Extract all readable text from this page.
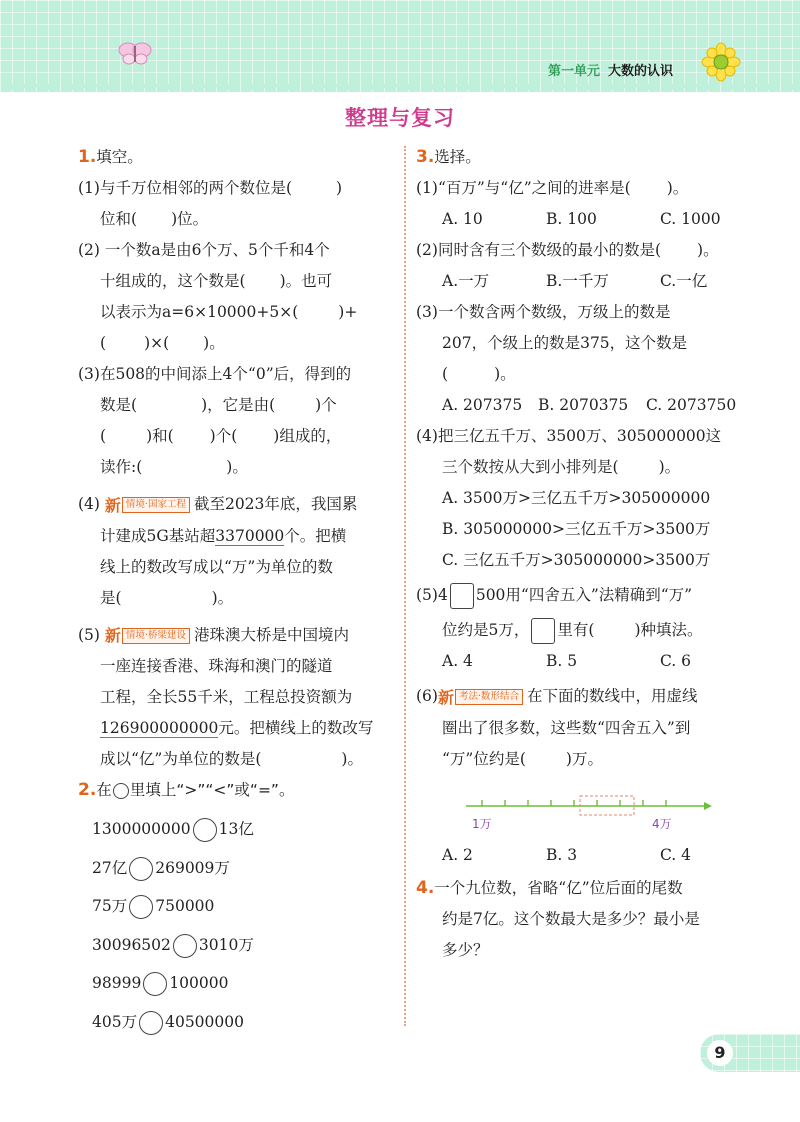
第一单元 大数的认识
整理与复习
1.填空。
(1)与千万位相邻的两个数位是(	)
位和( )位。
(2) 一个数a是由6个万、5个千和4个
十组成的，这个数是( )。也可
以表示为a=6×10000+5×(	)+
( )×( )。
(3)在508的中间添上4个“0”后，得到的
数是(	)，它是由(	)个
(	)和( )个( )组成的，
读作:(	)。
(4) 新 情境·国家工程 截至2023年底，我国累
计建成5G基站超3370000个。把横
线上的数改写成以“万”为单位的数
是(	)。
(5) 新 情境·桥梁建设 港珠澳大桥是中国境内
一座连接香港、珠海和澳门的隧道
工程，全长55千米，工程总投资额为
126900000000元。把横线上的数改写
成以“亿”为单位的数是(	)。
2.在 里填上“>”“<”或“=”。
1300000000 13亿
27亿 269009万
75万 750000
30096502 3010万
98999 100000
405万 40500000
3.选择。
(1)“百万”与“亿”之间的进率是( )。
A. 10	B. 100	C. 1000
(2)同时含有三个数级的最小的数是( )。
A.一万	B.一千万	C.一亿
(3)一个数含两个数级，万级上的数是
207，个级上的数是375，这个数是
(	)。
A. 207375	B. 2070375	C. 2073750
(4)把三亿五千万、3500万、305000000这
三个数按从大到小排列是(	)。
A. 3500万>三亿五千万>305000000
B. 305000000>三亿五千万>3500万
C. 三亿五千万>305000000>3500万
(5)4 500用“四舍五入”法精确到“万”
位约是5万， 里有(	)种填法。
A. 4	B. 5	C. 6
(6) 新 考法·数形结合 在下面的数线中，用虚线
圈出了很多数，这些数“四舍五入”到
“万”位约是(	)万。
1万	4万
A. 2	B. 3	C. 4
4.一个九位数，省略“亿”位后面的尾数
约是7亿。这个数最大是多少？最小是
多少？
9
